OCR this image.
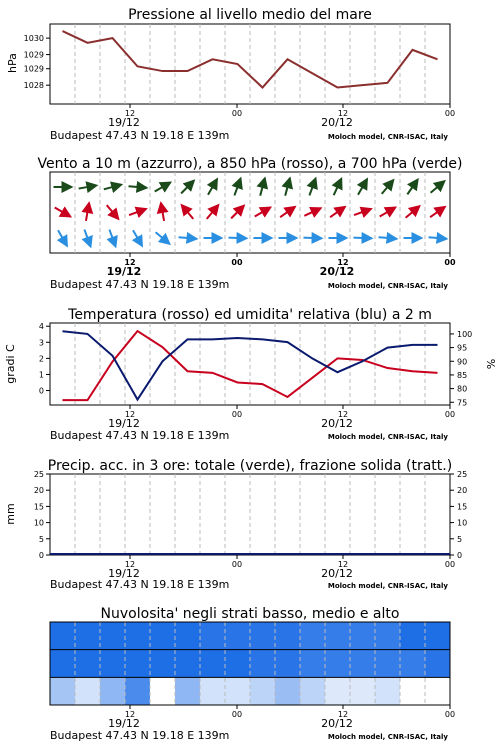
Pressione al livello medio del mare
1028
1029
1029
1030
12	00	12	00
19/12	20/12
Budapest 47.43 N 19.18 E 139m	Moloch model, CNR-ISAC, Italy
hPa
Vento a 10 m (azzurro), a 850 hPa (rosso), a 700 hPa (verde)
12	00	12	00
19/12	20/12
Budapest 47.43 N 19.18 E 139m	Moloch model, CNR-ISAC, Italy
Temperatura (rosso) ed umidita' relativa (blu) a 2 m
0
1
2
3
4
75
80
85
90
95
100
12	00	12	00
19/12	20/12
Budapest 47.43 N 19.18 E 139m	Moloch model, CNR-ISAC, Italy
gradi C	%
Precip. acc. in 3 ore: totale (verde), frazione solida (tratt.)
0	0
5	5
10	10
15	15
20	20
25	25
12	00	12	00
19/12	20/12
Budapest 47.43 N 19.18 E 139m	Moloch model, CNR-ISAC, Italy
mm
Nuvolosita' negli strati basso, medio e alto
12	00	12	00
19/12	20/12
Budapest 47.43 N 19.18 E 139m	Moloch model, CNR-ISAC, Italy
